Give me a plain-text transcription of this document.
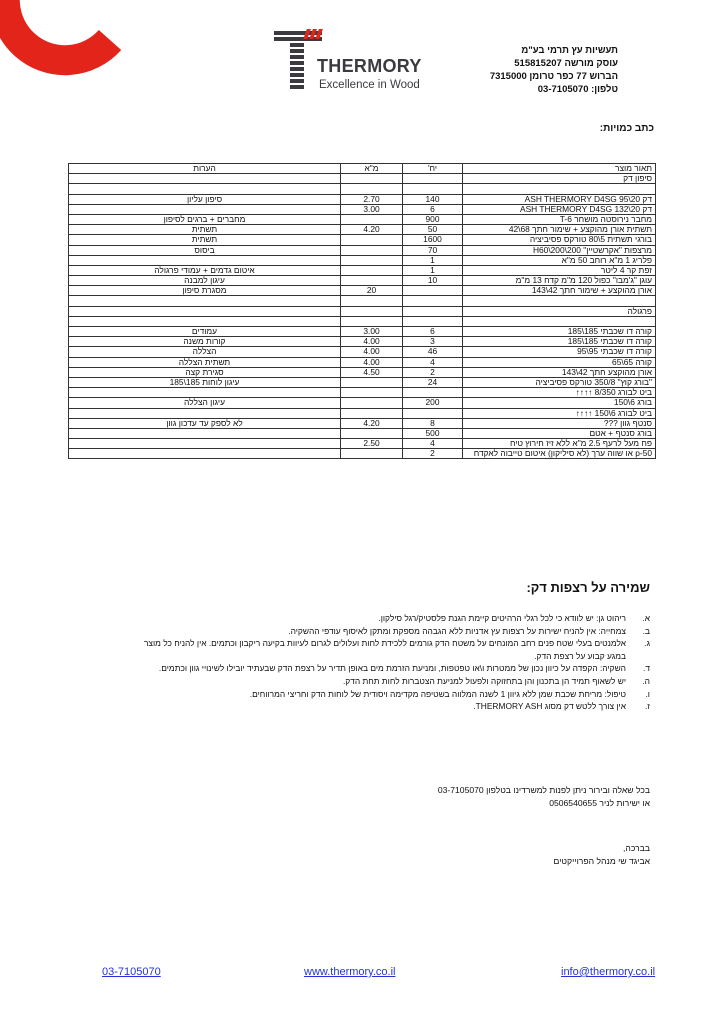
THERMORY
Excellence in Wood
תעשיות עץ תרמי בע"מ
עוסק מורשה 515815207
הברוש 77 כפר טרומן 7315000
טלפון: 03-7105070
כתב כמויות:
תאור מוצר	יח'	מ"א	הערות
סיפון דק			

דק ASH THERMORY D4SG 95\20	140	2.70	סיפון עליון
דק ASH THERMORY D4SG 132\20	6	3.00	
מחבר נירוסטה מושחר T-6	900		מחברים + ברגים לסיפון
תשתית אורן מהוקצע + שימור חתך 68\42	50	4.20	תשתית
בורגי תשתית 5\80 טורקס פסיביציה	1600		תשתית
מרצפות "אקרשטיין" H60\200\200	70		ביסוס
פלריג 1 מ"א רוחב 50 מ"א	1		
זפת קר 4 ליטר	1		איטום גדמים + עמודי פרגולה
עוגן "ג'מבו" כפול 120 מ"מ קדח 13 מ"מ	10		עיגון למבנה
אורן מהוקצע + שימור חתך 42\143		20	מסגרת סיפון

פרגולה			

קורה דו שכבתי 185\185	6	3.00	עמודים
קורה דו שכבתי 185\185	3	4.00	קורות משנה
קורה דו שכבתי 95\95	46	4.00	הצללה
קורה 65\65	4	4.00	תשתית הצללה
אורן מהוקצע חתך 42\143	2	4.50	סגירת קצה
"בורג קוץ" 350/8 טורקס פסיביציה	24		עיגון לוחות 185\185
ביט לבורג 8/350 ↑↑↑↑			
בורג 6\150	200		עיגון הצללה
ביט לבורג 6\150 ↑↑↑↑			
סנטף גוון ???	8	4.20	לא לספק עד עדכון גוון
בורג סנטף + אטם	500		
פח מעל לרעף 2.5 מ"א ללא זיז חירוץ טיח	4	2.50	
p-50 או שווה ערך (לא סיליקון) איטום טייבוה לאקדח	2		
שמירה על רצפות דק:
א.
ריהוט גן: יש לוודא כי לכל רגלי הרהיטים קיימת הגנת פלסטיק/רגל סילקון.
ב.
צמחייה: אין להניח ישירות על רצפות עץ אדניות ללא הגבהה מספקת ומתקן לאיסוף עודפי ההשקיה.
ג.
אלמנטים בעלי שטח פנים רחב המונחים על משטח הדק גורמים ללכידת לחות ועלולים לגרום לעיוות בקיעה ריקבון וכתמים. אין להניח כל מוצר במגע קבוע על רצפת הדק.
ד.
השקיה: הקפדה על כיוון נכון של ממטרות ו\או טפטפות, ומניעת הזרמת מים באופן תדיר על רצפת הדק שבעתיד יובילו לשינויי גוון וכתמים.
ה.
יש לשאוף תמיד הן בתכנון והן בתחזוקה ולפעול למניעת הצטברות לחות תחת הדק.
ו.
טיפול: מריחת שכבת שמן ללא גיוון 1 לשנה המלווה בשטיפה מקדימה ויסודית של לוחות הדק וחריצי המרווחים.
ז.
אין צורך ללטש דק מסוג THERMORY ASH.
בכל שאלה ובירור ניתן לפנות למשרדינו בטלפון 03-7105070
או ישירות לניר 0506540655
בברכה,
אביגד שי מנהל הפרוייקטים
03-7105070	www.thermory.co.il	info@thermory.co.il
